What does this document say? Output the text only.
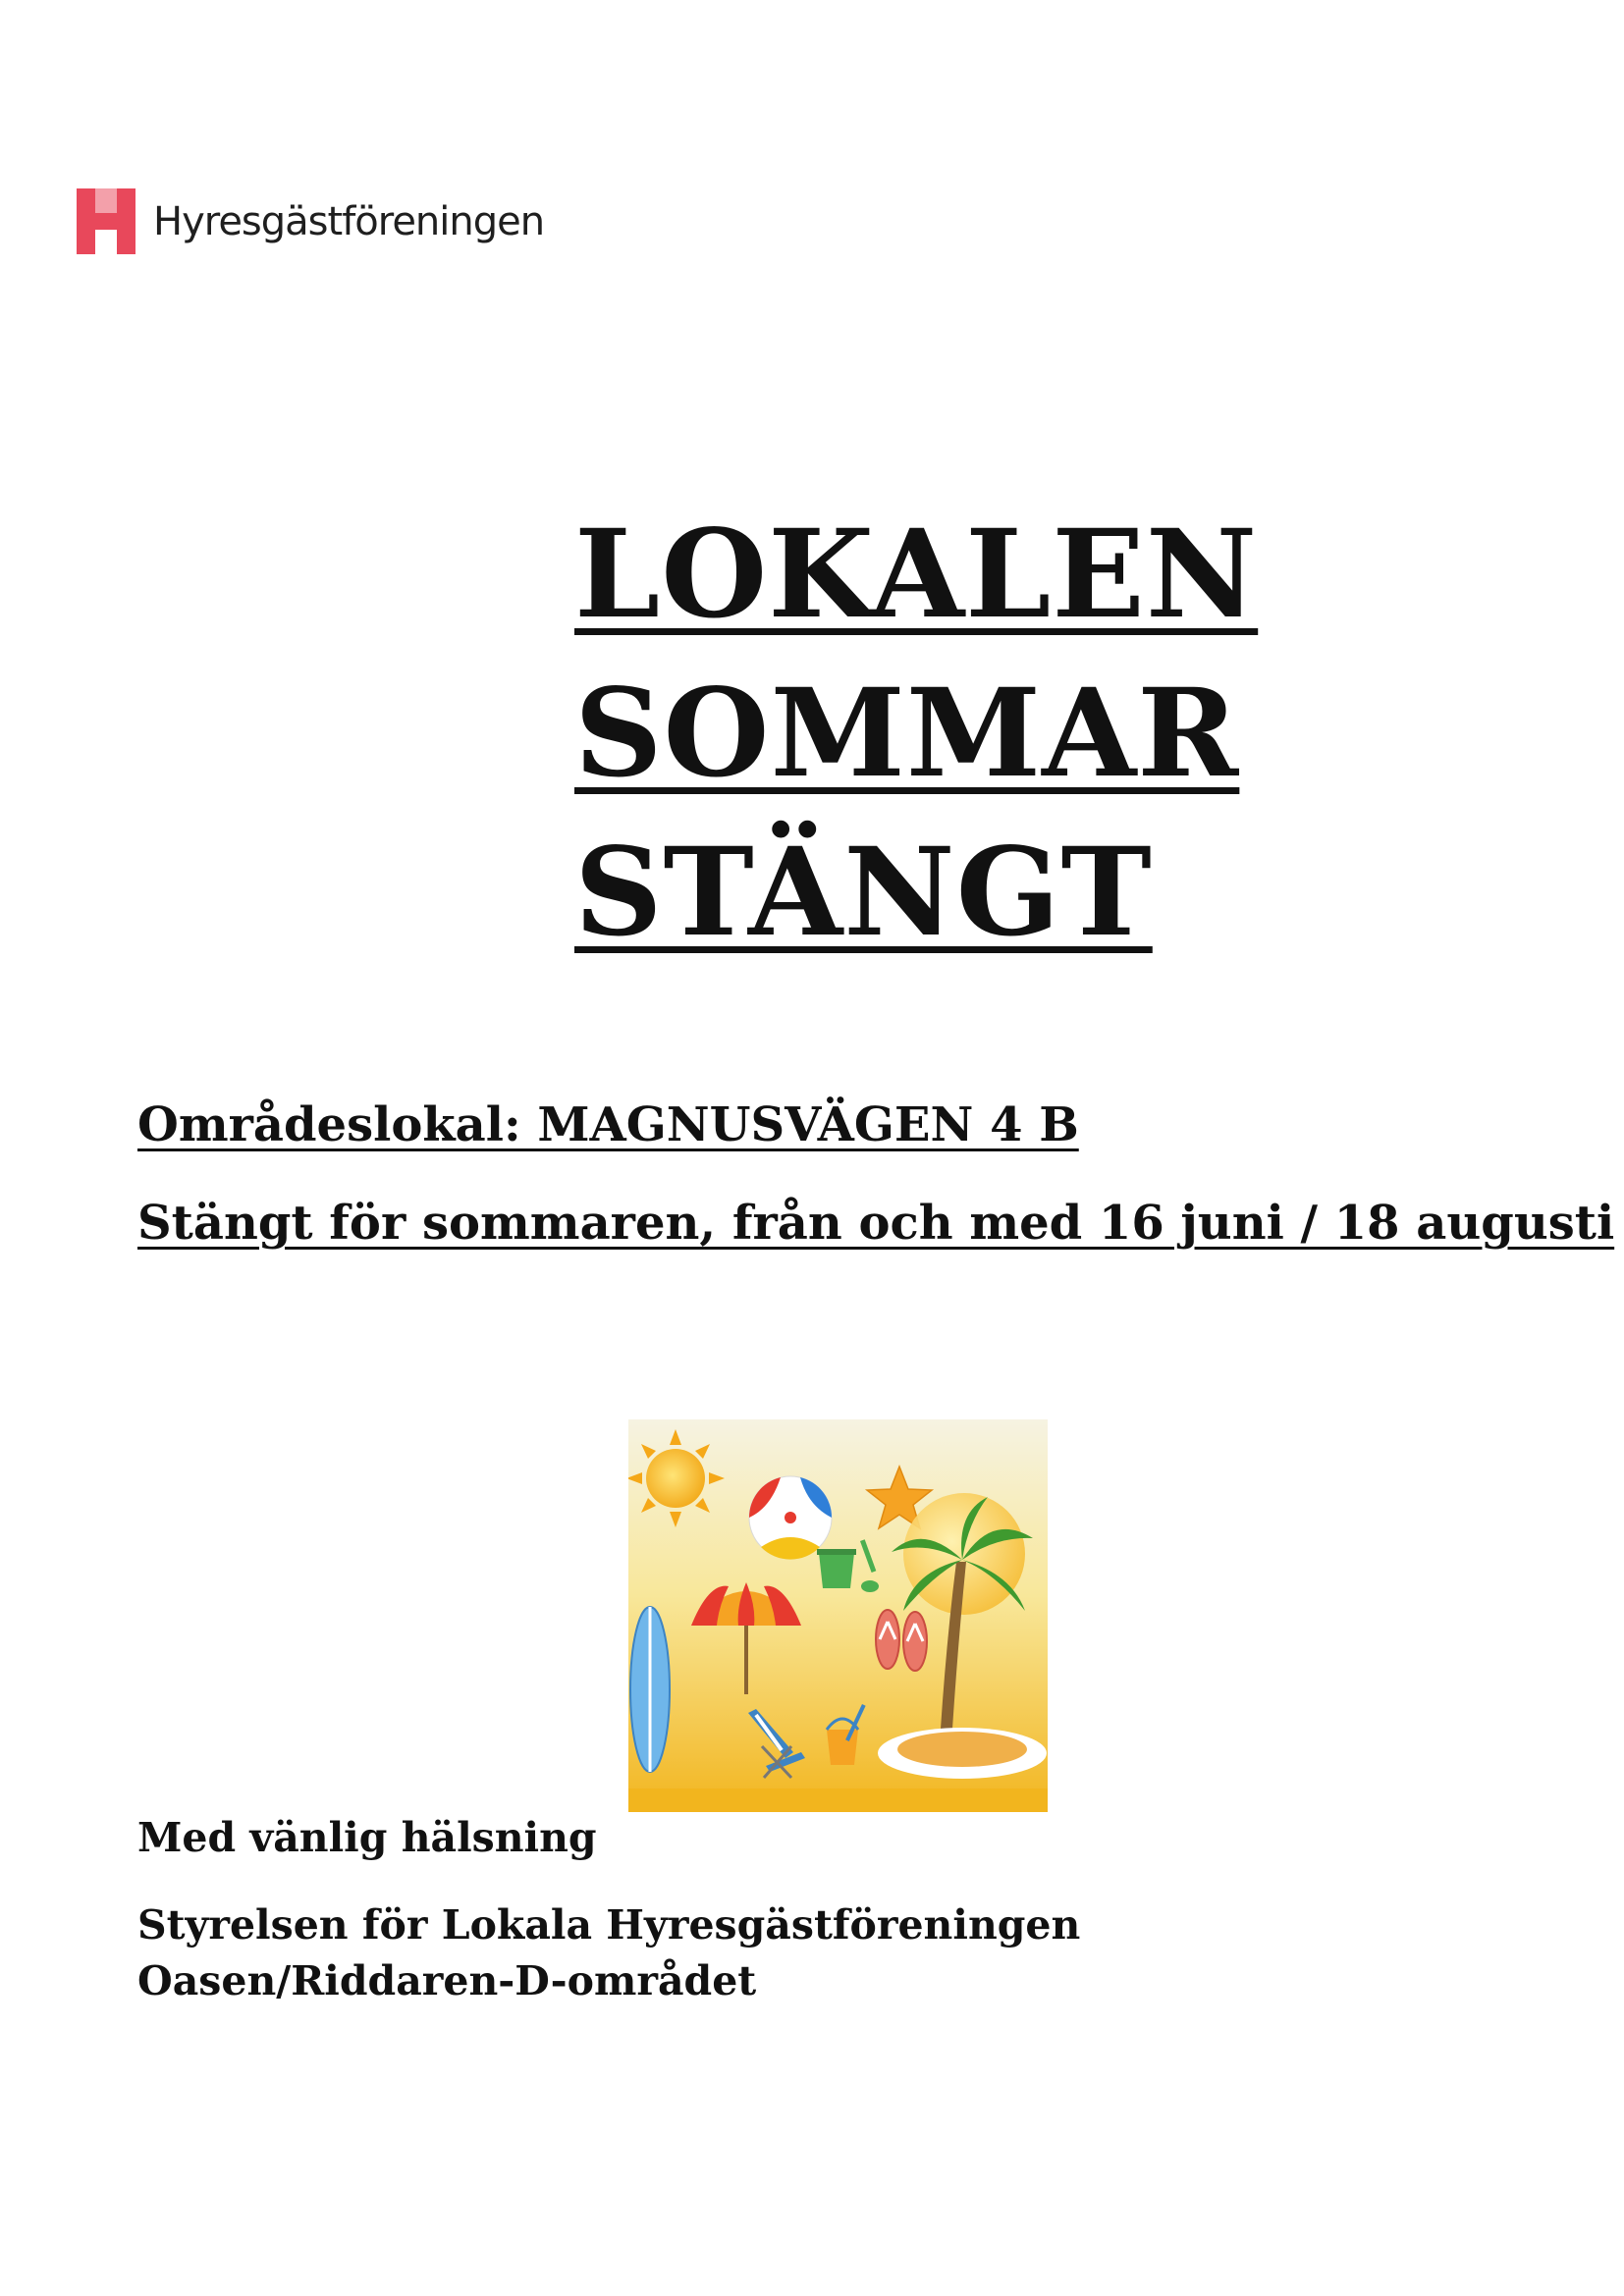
Hyresgästföreningen
LOKALEN
SOMMAR
STÄNGT
Områdeslokal: MAGNUSVÄGEN 4 B
Stängt för sommaren, från och med 16 juni / 18 augusti
Med vänlig hälsning
Styrelsen för Lokala Hyresgästföreningen
Oasen/Riddaren-D-området
